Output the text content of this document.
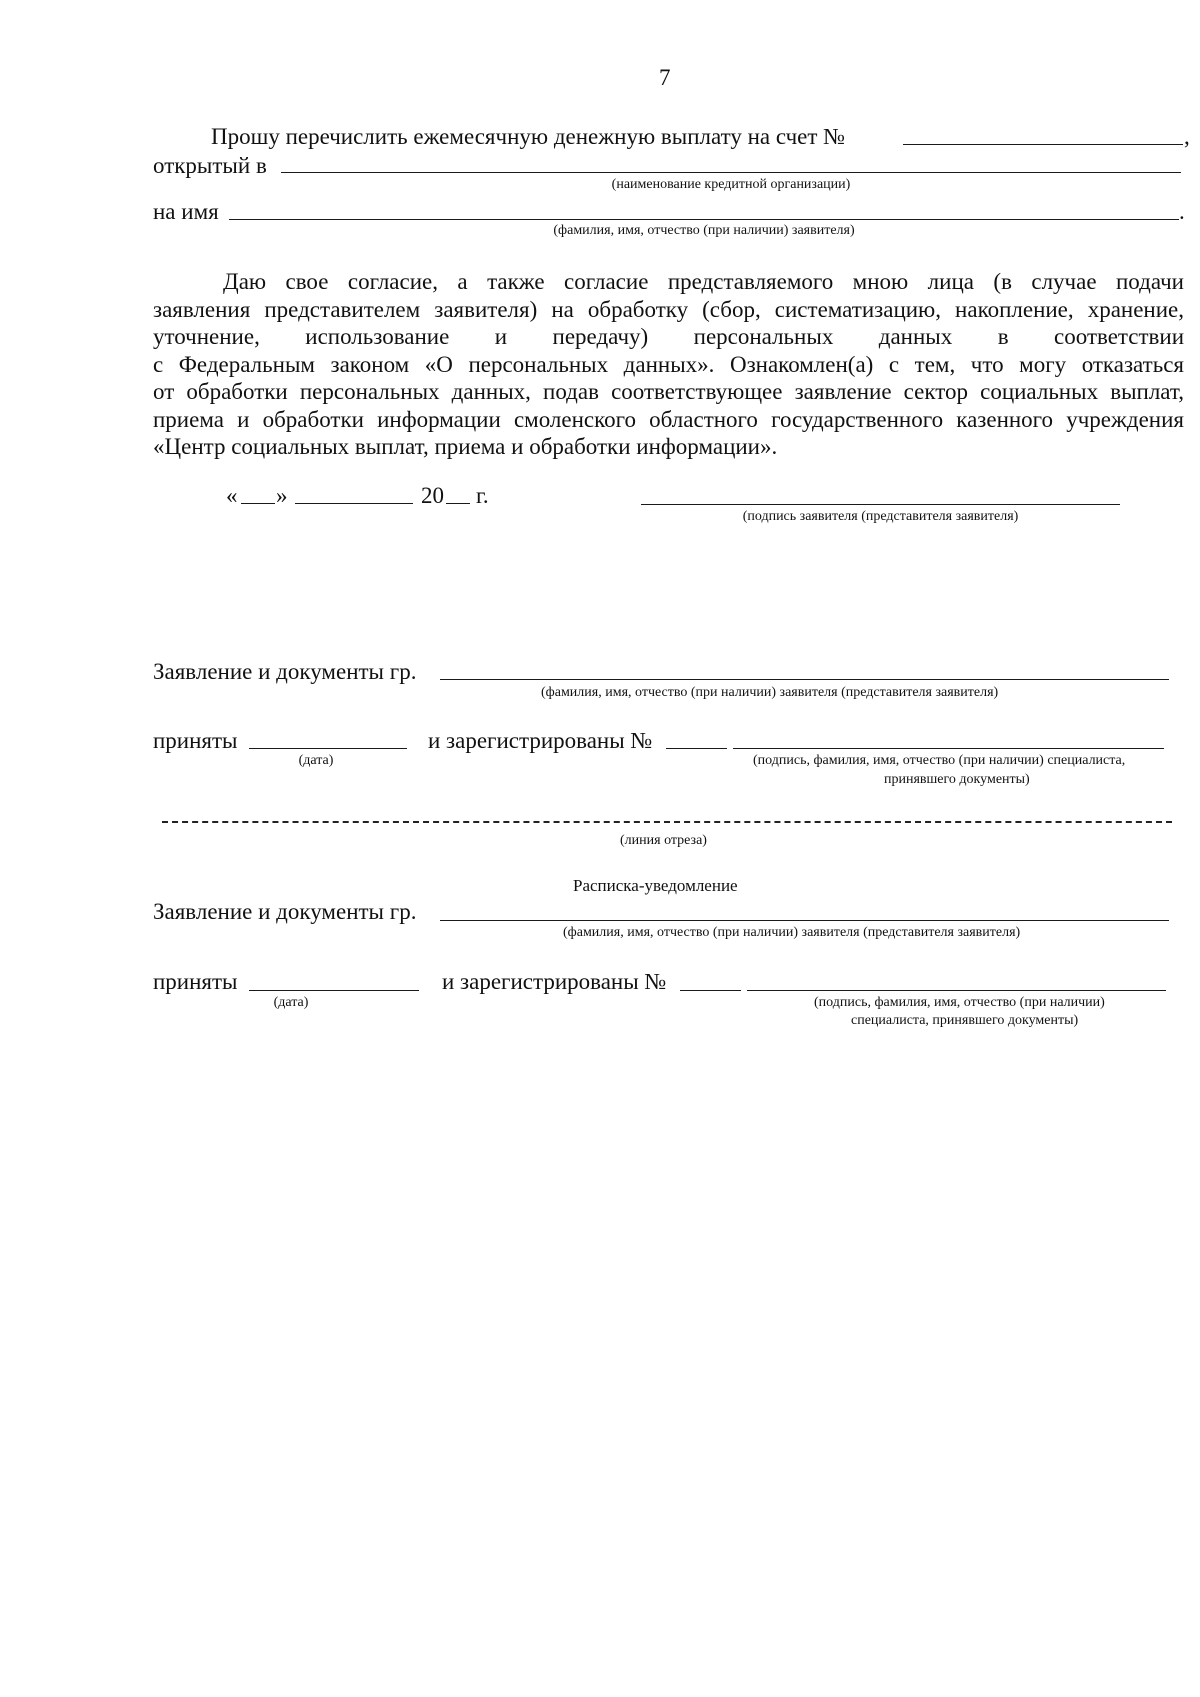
7
Прошу перечислить ежемесячную денежную выплату на счет №	,
открытый в
(наименование кредитной организации)
на имя	.
(фамилия, имя, отчество (при наличии) заявителя)
Даю свое согласие, а также согласие представляемого мною лица (в случае подачи
заявления представителем заявителя) на обработку (сбор, систематизацию, накопление, хранение,
уточнение, использование и передачу) персональных данных в соответствии
с Федеральным законом «О персональных данных». Ознакомлен(а) с тем, что могу отказаться
от обработки персональных данных, подав соответствующее заявление сектор социальных выплат,
приема и обработки информации смоленского областного государственного казенного учреждения
«Центр социальных выплат, приема и обработки информации».
« »	20 г.
(подпись заявителя (представителя заявителя)
Заявление и документы гр.
(фамилия, имя, отчество (при наличии) заявителя (представителя заявителя)
приняты
(дата)
и зарегистрированы №
(подпись, фамилия, имя, отчество (при наличии) специалиста,
принявшего документы)
(линия отреза)
Расписка-уведомление
Заявление и документы гр.
(фамилия, имя, отчество (при наличии) заявителя (представителя заявителя)
приняты
(дата)
и зарегистрированы №
(подпись, фамилия, имя, отчество (при наличии)
специалиста, принявшего документы)
